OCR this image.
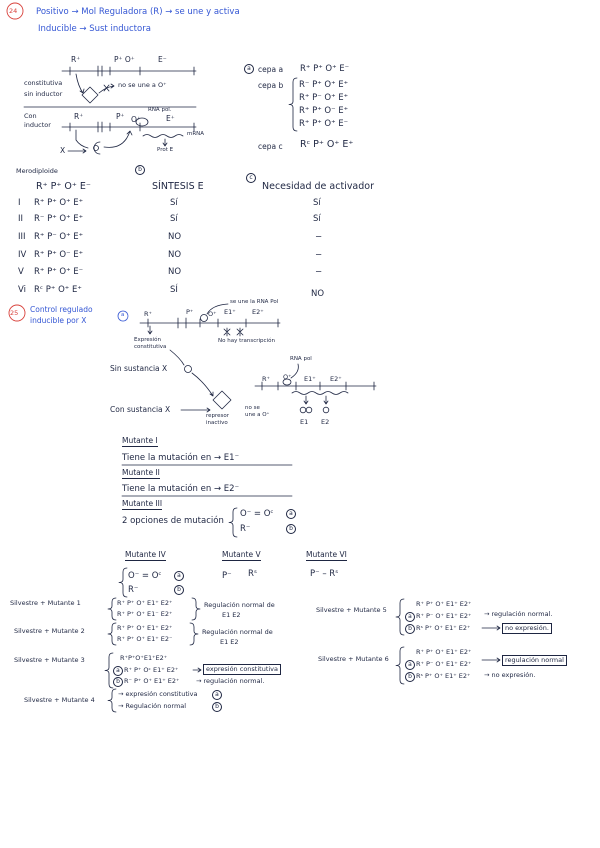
24 Positivo → Mol Reguladora (R) → se une y activa
Inducible → Sust inductora
R⁺	P⁺ O⁺	E⁻
constitutiva
sin inductor
no se une a O⁺
Con
inductor
R⁺	P⁺ O⁺	E⁺
RNA pol.
mRNA
Prot E
X
a cepa a R⁺ P⁺ O⁺ E⁻
cepa b R⁻ P⁺ O⁺ E⁺
R⁺ P⁻ O⁺ E⁺
R⁺ P⁺ O⁻ E⁺
R⁺ P⁺ O⁺ E⁻
cepa c Rᶜ P⁺ O⁺ E⁺
Merodiploide	b
c
R⁺ P⁺ O⁺ E⁻	SÍNTESIS E	Necesidad de activador
I R⁺ P⁺ O⁺ E⁺	Sí	Sí
II R⁻ P⁺ O⁺ E⁺	Sí	Sí
III R⁺ P⁻ O⁺ E⁺	NO	−
IV R⁺ P⁺ O⁻ E⁺	NO	−
V R⁺ P⁺ O⁺ E⁻	NO	−
Vi Rᶜ P⁺ O⁺ E⁺	SÍ	NO
25 Control regulado
inducible por X
a	R⁺	P⁺ O⁺ E1⁺	E2⁺
se une la RNA Pol
No hay transcripción
Expresión
constitutiva
Sin sustancia X
RNA pol
R⁺ O⁺ E1⁺ E2⁺
Con sustancia X
represor
inactivo
no se
une a O⁺
E1 E2
Mutante I
Tiene la mutación en → E1⁻
Mutante II
Tiene la mutación en → E2⁻
Mutante III
2 opciones de mutación
O⁻ = Oᶜ	a
R⁻	b
Mutante IV	Mutante V	Mutante VI
O⁻ = Oᶜ	a
R⁻	b
P⁻ Rˢ	P⁻ – Rˢ
Silvestre + Mutante 1	R⁺ P⁺ O⁺ E1⁺ E2⁺
R⁺ P⁺ O⁺ E1⁻ E2⁺
Regulación normal de
E1 E2
Silvestre + Mutante 2	R⁺ P⁺ O⁺ E1⁺ E2⁺
R⁺ P⁺ O⁺ E1⁺ E2⁻
Regulación normal de
E1 E2
Silvestre + Mutante 3	R⁺P⁺O⁺E1⁺E2⁺
a R⁺ P⁺ Oᶜ E1⁺ E2⁺
b R⁻ P⁺ O⁺ E1⁺ E2⁺
expresión constitutiva
→ regulación normal.
Silvestre + Mutante 4
→ expresión constitutiva	a
→ Regulación normal	b
Silvestre + Mutante 5
R⁺ P⁺ O⁺ E1⁺ E2⁺
a R⁺ P⁻ O⁺ E1⁺ E2⁺
b Rˢ P⁺ O⁺ E1⁺ E2⁺
→ regulación normal.
no expresión.
Silvestre + Mutante 6
R⁺ P⁺ O⁺ E1⁺ E2⁺
a R⁺ P⁻ O⁺ E1⁺ E2⁺
b Rˢ P⁺ O⁺ E1⁺ E2⁺
regulación normal
→ no expresión.
